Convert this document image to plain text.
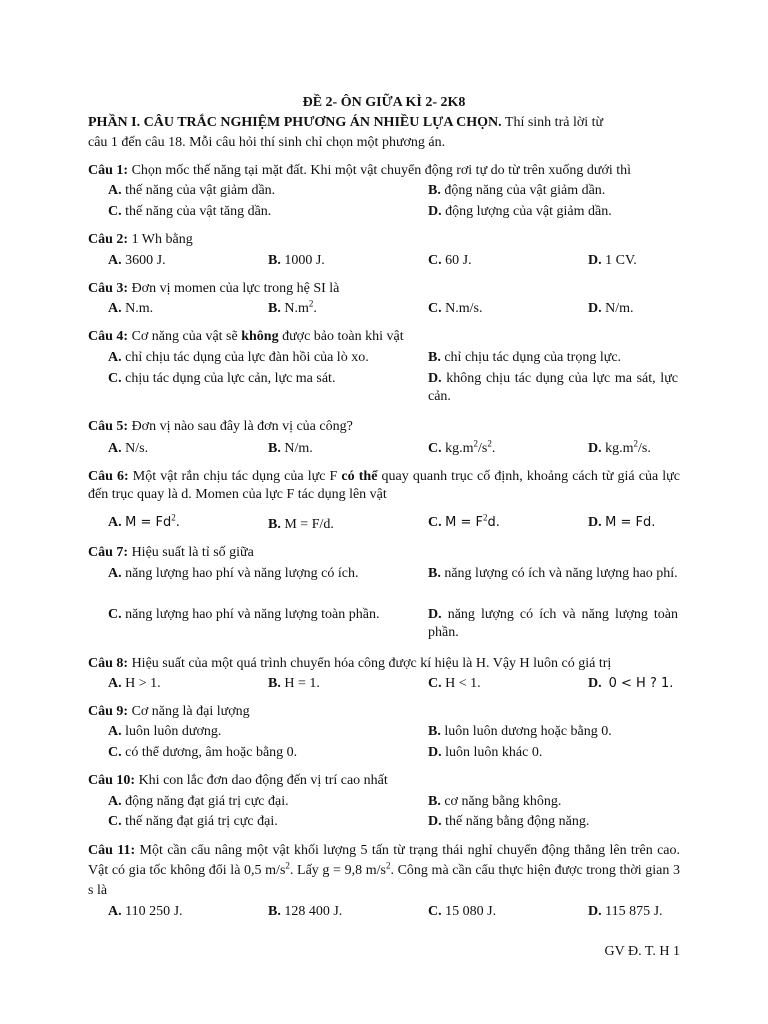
ĐỀ 2- ÔN GIỮA KÌ 2- 2K8
PHẦN I. CÂU TRẮC NGHIỆM PHƯƠNG ÁN NHIỀU LỰA CHỌN. Thí sinh trả lời từ
câu 1 đến câu 18. Mỗi câu hỏi thí sinh chỉ chọn một phương án.
Câu 1: Chọn mốc thế năng tại mặt đất. Khi một vật chuyển động rơi tự do từ trên xuống dưới thì
A. thế năng của vật giảm dần.	B. động năng của vật giảm dần.
C. thế năng của vật tăng dần.	D. động lượng của vật giảm dần.
Câu 2: 1 Wh bằng
A. 3600 J.	B. 1000 J.	C. 60 J.	D. 1 CV.
Câu 3: Đơn vị momen của lực trong hệ SI là
A. N.m.	B. $N.m^2$.	C. N.m/s.	D. N/m.
Câu 4: Cơ năng của vật sẽ không được bảo toàn khi vật
A. chỉ chịu tác dụng của lực đàn hồi của lò xo.	B. chỉ chịu tác dụng của trọng lực.
C. chịu tác dụng của lực cản, lực ma sát.	D. không chịu tác dụng của lực ma sát, lực cản.
Câu 5: Đơn vị nào sau đây là đơn vị của công?
A. N/s.	B. N/m.	C. $kg.m^2/s^2$.	D. $kg.m^2/s$.
Câu 6: Một vật rắn chịu tác dụng của lực F có thể quay quanh trục cố định, khoảng cách từ giá của lực đến trục quay là d. Momen của lực F tác dụng lên vật
A. $M = Fd^2$.	B. M = F/d.	C. $M = F^2d$.	D. M = Fd.
Câu 7: Hiệu suất là tỉ số giữa
A. năng lượng hao phí và năng lượng có ích.	B. năng lượng có ích và năng lượng hao phí.
C. năng lượng hao phí và năng lượng toàn phần.	D. năng lượng có ích và năng lượng toàn phần.
Câu 8: Hiệu suất của một quá trình chuyển hóa công được kí hiệu là H. Vậy H luôn có giá trị
A. H > 1.	B. H = 1.	C. H < 1.	D. 0 < H ? 1.
Câu 9: Cơ năng là đại lượng
A. luôn luôn dương.	B. luôn luôn dương hoặc bằng 0.
C. có thể dương, âm hoặc bằng 0.	D. luôn luôn khác 0.
Câu 10: Khi con lắc đơn dao động đến vị trí cao nhất
A. động năng đạt giá trị cực đại.	B. cơ năng bằng không.
C. thế năng đạt giá trị cực đại.	D. thế năng bằng động năng.
Câu 11: Một cần cẩu nâng một vật khối lượng 5 tấn từ trạng thái nghỉ chuyển động thẳng lên trên cao. Vật có gia tốc không đổi là 0,5 $m/s^2$. Lấy g = 9,8 $m/s^2$. Công mà cần cẩu thực hiện được trong thời gian 3 s là
A. 110 250 J.	B. 128 400 J.	C. 15 080 J.	D. 115 875 J.
GV Đ. T. H 1
